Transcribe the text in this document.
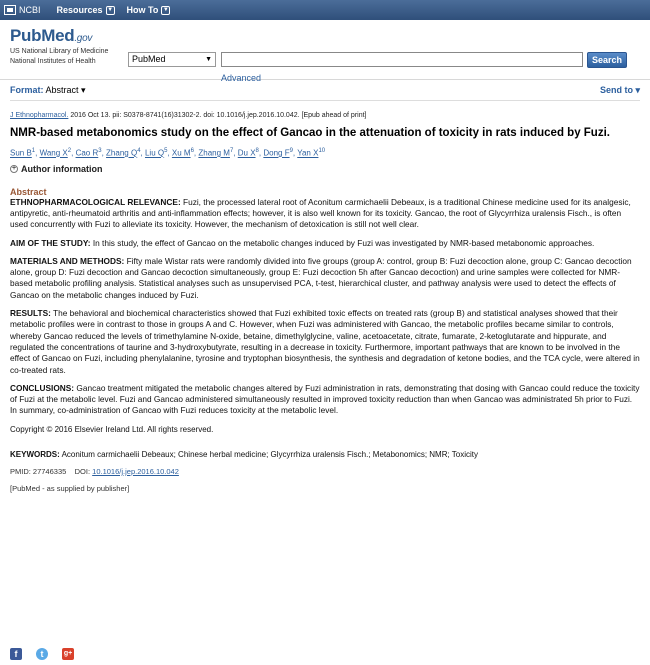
NCBI Resources ▼ How To ▼
PubMed.gov
US National Library of Medicine
National Institutes of Health	PubMed	▼	Search
Advanced
Format: Abstract ▾	Send to ▾
J Ethnopharmacol. 2016 Oct 13. pii: S0378-8741(16)31302-2. doi: 10.1016/j.jep.2016.10.042. [Epub ahead of print]
NMR-based metabonomics study on the effect of Gancao in the attenuation of toxicity in rats induced by Fuzi.
Sun $B^1$, Wang $X^2$, Cao $R^3$, Zhang $Q^4$, Liu $Q^5$, Xu $M^6$, Zhang $M^7$, Du $X^8$, Dong $F^9$, Yan $X^{10}$
+ Author information
Abstract
ETHNOPHARMACOLOGICAL RELEVANCE: Fuzi, the processed lateral root of Aconitum carmichaelii Debeaux, is a traditional Chinese medicine used for its analgesic, antipyretic, anti-rheumatoid arthritis and anti-inflammation effects; however, it is also well known for its toxicity. Gancao, the root of Glycyrrhiza uralensis Fisch., is often used concurrently with Fuzi to alleviate its toxicity. However, the mechanism of detoxication is still not well clear.
AIM OF THE STUDY: In this study, the effect of Gancao on the metabolic changes induced by Fuzi was investigated by NMR-based metabonomic approaches.
MATERIALS AND METHODS: Fifty male Wistar rats were randomly divided into five groups (group A: control, group B: Fuzi decoction alone, group C: Gancao decoction alone, group D: Fuzi decoction and Gancao decoction simultaneously, group E: Fuzi decoction 5h after Gancao decoction) and urine samples were collected for NMR-based metabolic profiling analysis. Statistical analyses such as unsupervised PCA, t-test, hierarchical cluster, and pathway analysis were used to detect the effects of Gancao on the metabolic changes induced by Fuzi.
RESULTS: The behavioral and biochemical characteristics showed that Fuzi exhibited toxic effects on treated rats (group B) and statistical analyses showed that their metabolic profiles were in contrast to those in groups A and C. However, when Fuzi was administered with Gancao, the metabolic profiles became similar to controls, whereby Gancao reduced the levels of trimethylamine N-oxide, betaine, dimethylglycine, valine, acetoacetate, citrate, fumarate, 2-ketoglutarate and hippurate, and regulated the concentrations of taurine and 3-hydroxybutyrate, resulting in a decrease in toxicity. Furthermore, important pathways that are known to be involved in the effect of Gancao on Fuzi, including phenylalanine, tyrosine and tryptophan biosynthesis, the synthesis and degradation of ketone bodies, and the TCA cycle, were altered in co-treated rats.
CONCLUSIONS: Gancao treatment mitigated the metabolic changes altered by Fuzi administration in rats, demonstrating that dosing with Gancao could reduce the toxicity of Fuzi at the metabolic level. Fuzi and Gancao administered simultaneously resulted in improved toxicity reduction than when Gancao was administrated 5h prior to Fuzi. In summary, co-administration of Gancao with Fuzi reduces toxicity at the metabolic level.
Copyright © 2016 Elsevier Ireland Ltd. All rights reserved.
KEYWORDS: Aconitum carmichaelii Debeaux; Chinese herbal medicine; Glycyrrhiza uralensis Fisch.; Metabonomics; NMR; Toxicity
PMID: 27746335 DOI: 10.1016/j.jep.2016.10.042
[PubMed - as supplied by publisher]
f	t	g+
